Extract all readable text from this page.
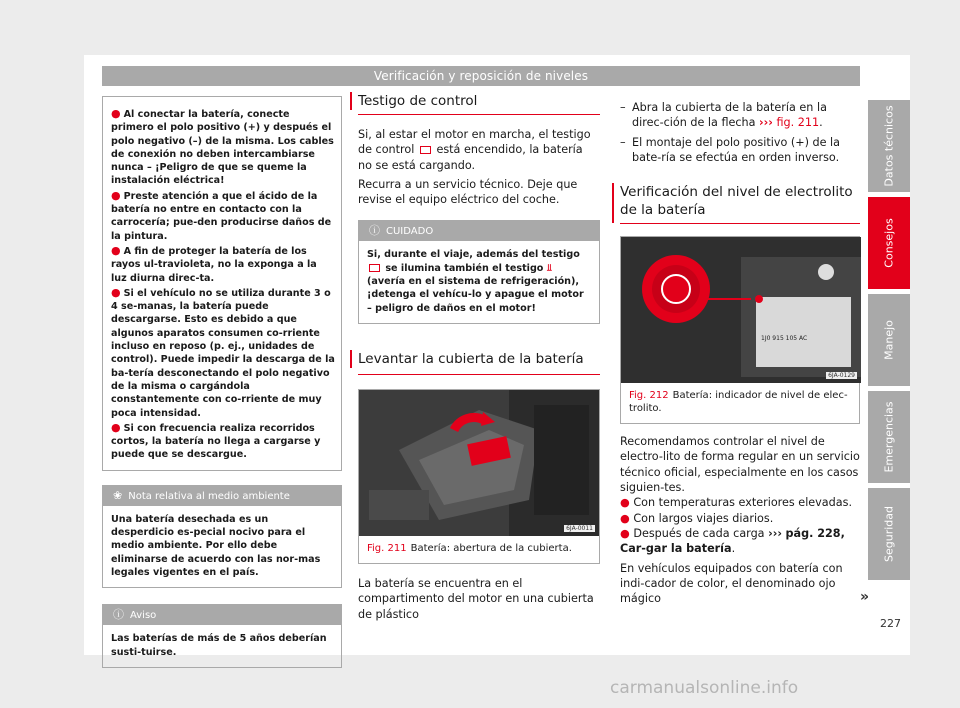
Verificación y reposición de niveles
● Al conectar la batería, conecte primero el polo positivo (+) y después el polo negativo (–) de la misma. Los cables de conexión no deben intercambiarse nunca – ¡Peligro de que se queme la instalación eléctrica!
● Preste atención a que el ácido de la batería no entre en contacto con la carrocería; pue-den producirse daños de la pintura.
● A fin de proteger la batería de los rayos ul-travioleta, no la exponga a la luz diurna direc-ta.
● Si el vehículo no se utiliza durante 3 o 4 se-manas, la batería puede descargarse. Esto es debido a que algunos aparatos consumen co-rriente incluso en reposo (p. ej., unidades de control). Puede impedir la descarga de la ba-tería desconectando el polo negativo de la misma o cargándola constantemente con co-rriente de muy poca intensidad.
● Si con frecuencia realiza recorridos cortos, la batería no llega a cargarse y puede que se descargue.
❀ Nota relativa al medio ambiente
Una batería desechada es un desperdicio es-pecial nocivo para el medio ambiente. Por ello debe eliminarse de acuerdo con las nor-mas legales vigentes en el país.
ⓘ Aviso
Las baterías de más de 5 años deberían susti-tuirse.
Testigo de control

Si, al estar el motor en marcha, el testigo de control está encendido, la batería no se está cargando.

Recurra a un servicio técnico. Deje que revise el equipo eléctrico del coche.

ⓘ CUIDADO
Si, durante el viaje, además del testigo  se ilumina también el testigo ⫫ (avería en el sistema de refrigeración), ¡detenga el vehícu-lo y apague el motor – peligro de daños en el motor!
Levantar la cubierta de la batería
6JA-0011
Fig. 211 Batería: abertura de la cubierta.

La batería se encuentra en el compartimento del motor en una cubierta de plástico

– Abra la cubierta de la batería en la direc-ción de la flecha ››› fig. 211.
– El montaje del polo positivo (+) de la bate-ría se efectúa en orden inverso.
Verificación del nivel de electrolito de la batería
1J0 915 105 AC
6JA-0129
Fig. 212 Batería: indicador de nivel de elec-trolito.

Recomendamos controlar el nivel de electro-lito de forma regular en un servicio técnico oficial, especialmente en los casos siguien-tes.

● Con temperaturas exteriores elevadas.

● Con largos viajes diarios.

● Después de cada carga ››› pág. 228, Car-gar la batería.

En vehículos equipados con batería con indi-cador de color, el denominado ojo mágico	»
Datos técnicos
Consejos
Manejo
Emergencias
Seguridad
227
carmanualsonline.info
